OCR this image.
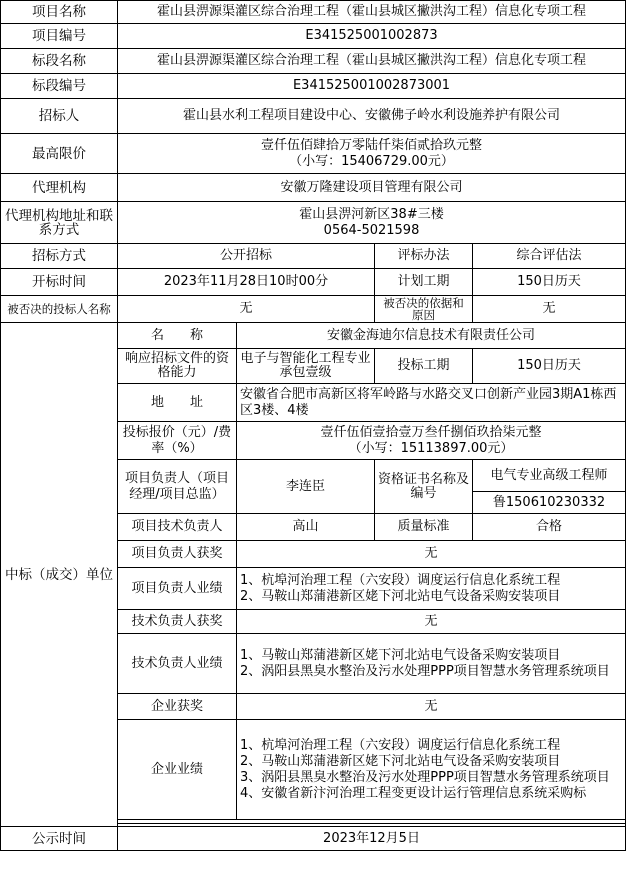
项目名称	霍山县淠源渠灌区综合治理工程（霍山县城区撇洪沟工程）信息化专项工程			
项目编号	E341525001002873			
标段名称	霍山县淠源渠灌区综合治理工程（霍山县城区撇洪沟工程）信息化专项工程			
标段编号	E341525001002873001			
招标人	霍山县水利工程项目建设中心、安徽佛子岭水利设施养护有限公司			
最高限价	壹仟伍佰肆拾万零陆仟柒佰贰拾玖元整
（小写：15406729.00元）			

代理机构	安徽万隆建设项目管理有限公司			
代理机构地址和联系方式	霍山县淠河新区38#三楼
0564-5021598			

招标方式	公开招标		评标办法	综合评估法
开标时间	2023年11月28日10时00分		计划工期	150日历天
被否决的投标人名称	无		被否决的依据和原因	无
中标（成交）单位	名　　称	安徽金海迪尔信息技术有限责任公司		
	响应招标文件的资格能力	电子与智能化工程专业承包壹级	投标工期	150日历天
	地　　址	安徽省合肥市高新区将军岭路与水路交叉口创新产业园3期A1栋西区3楼、4楼		
	投标报价（元）/费率（%）	壹仟伍佰壹拾壹万叁仟捌佰玖拾柒元整
（小写：15113897.00元）		

	项目负责人（项目经理/项目总监）	李连臣	资格证书名称及编号	电气专业高级工程师
				鲁150610230332
	项目技术负责人	高山	质量标准	合格
	项目负责人获奖	无		
	项目负责人业绩	1、杭埠河治理工程（六安段）调度运行信息化系统工程
2、马鞍山郑蒲港新区姥下河北站电气设备采购安装项目		

	技术负责人获奖	无		
	技术负责人业绩	1、马鞍山郑蒲港新区姥下河北站电气设备采购安装项目
2、涡阳县黑臭水整治及污水处理PPP项目智慧水务管理系统项目		

	企业获奖	无		
	企业业绩	1、杭埠河治理工程（六安段）调度运行信息化系统工程
2、马鞍山郑蒲港新区姥下河北站电气设备采购安装项目
3、涡阳县黑臭水整治及污水处理PPP项目智慧水务管理系统项目
4、安徽省新汴河治理工程变更设计运行管理信息系统采购标		

公示时间	2023年12月5日			
